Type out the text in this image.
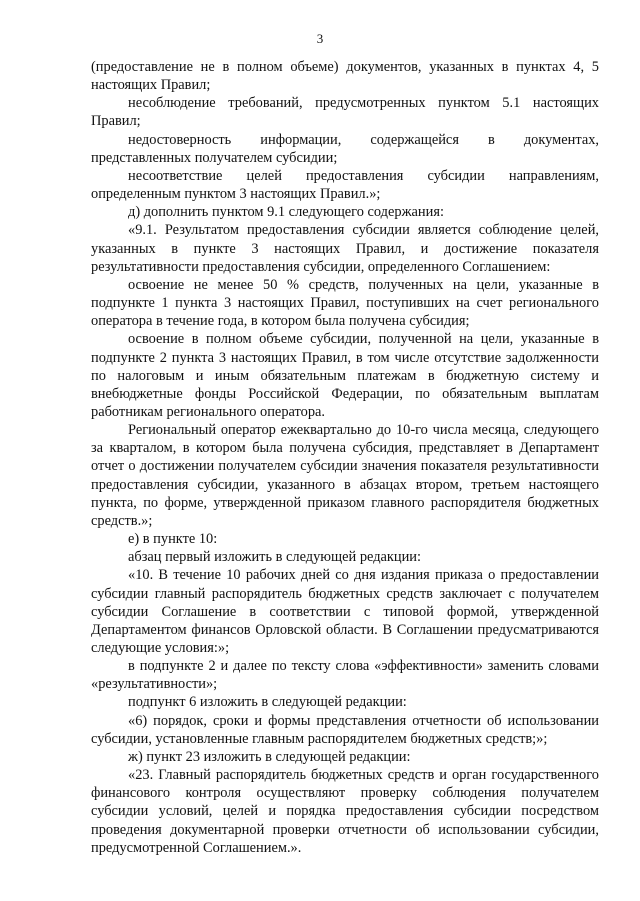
3

(предоставление не в полном объеме) документов, указанных в пунктах 4, 5 настоящих Правил;

несоблюдение требований, предусмотренных пунктом 5.1 настоящих Правил;

недостоверность информации, содержащейся в документах, представленных получателем субсидии;

несоответствие целей предоставления субсидии направлениям, определенным пунктом 3 настоящих Правил.»;

д) дополнить пунктом 9.1 следующего содержания:

«9.1. Результатом предоставления субсидии является соблюдение целей, указанных в пункте 3 настоящих Правил, и достижение показателя результативности предоставления субсидии, определенного Соглашением:

освоение не менее 50 % средств, полученных на цели, указанные в подпункте 1 пункта 3 настоящих Правил, поступивших на счет регионального оператора в течение года, в котором была получена субсидия;

освоение в полном объеме субсидии, полученной на цели, указанные в подпункте 2 пункта 3 настоящих Правил, в том числе отсутствие задолженности по налоговым и иным обязательным платежам в бюджетную систему и внебюджетные фонды Российской Федерации, по обязательным выплатам работникам регионального оператора.

Региональный оператор ежеквартально до 10-го числа месяца, следующего за кварталом, в котором была получена субсидия, представляет в Департамент отчет о достижении получателем субсидии значения показателя результативности предоставления субсидии, указанного в абзацах втором, третьем настоящего пункта, по форме, утвержденной приказом главного распорядителя бюджетных средств.»;

е) в пункте 10:

абзац первый изложить в следующей редакции:

«10. В течение 10 рабочих дней со дня издания приказа о предоставлении субсидии главный распорядитель бюджетных средств заключает с получателем субсидии Соглашение в соответствии с типовой формой, утвержденной Департаментом финансов Орловской области. В Соглашении предусматриваются следующие условия:»;

в подпункте 2 и далее по тексту слова «эффективности» заменить словами «результативности»;

подпункт 6 изложить в следующей редакции:

«6) порядок, сроки и формы представления отчетности об использовании субсидии, установленные главным распорядителем бюджетных средств;»;

ж) пункт 23 изложить в следующей редакции:

«23. Главный распорядитель бюджетных средств и орган государственного финансового контроля осуществляют проверку соблюдения получателем субсидии условий, целей и порядка предоставления субсидии посредством проведения документарной проверки отчетности об использовании субсидии, предусмотренной Соглашением.».
